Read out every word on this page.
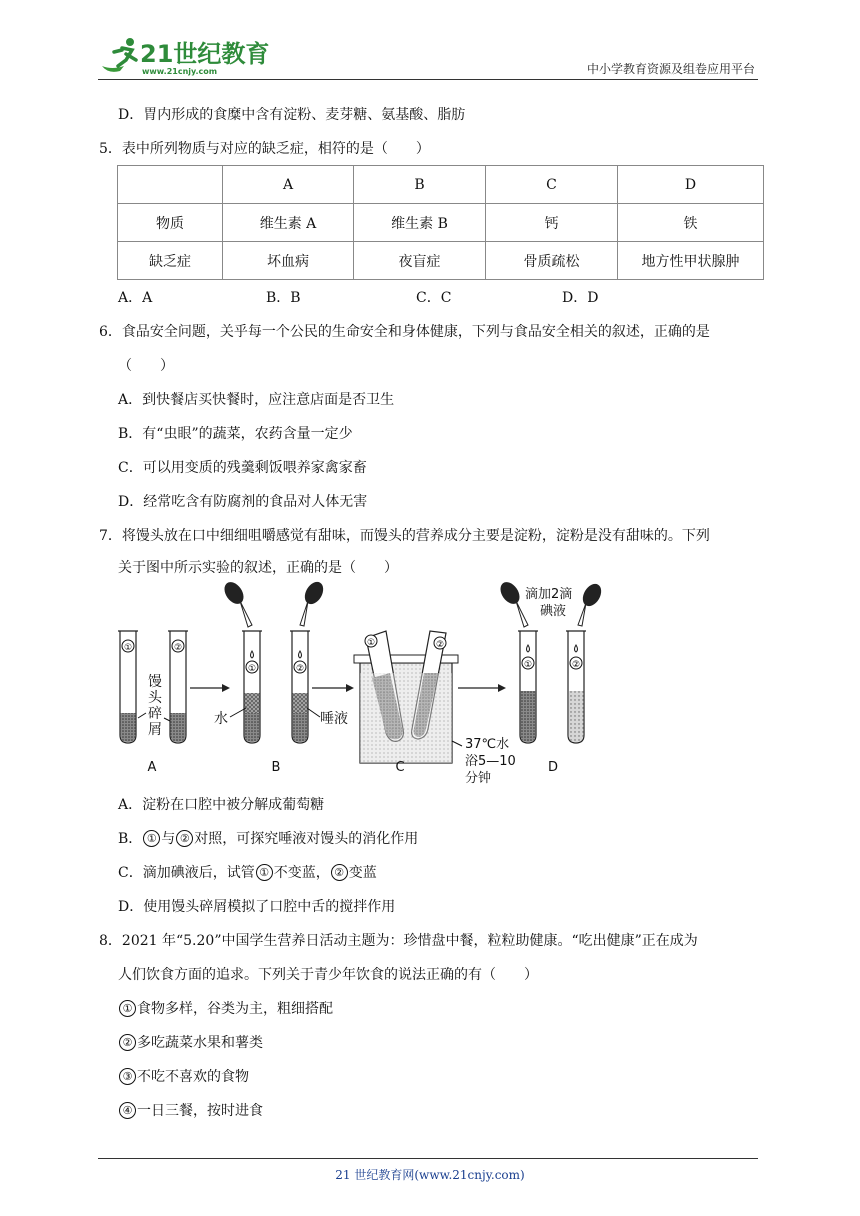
21世纪教育
www.21cnjy.com	中小学教育资源及组卷应用平台
D．胃内形成的食糜中含有淀粉、麦芽糖、氨基酸、脂肪
5．表中所列物质与对应的缺乏症，相符的是（　　）
	A	B	C	D
物质	维生素 A	维生素 B	钙	铁
缺乏症	坏血病	夜盲症	骨质疏松	地方性甲状腺肿
A．A	B．B	C．C	D．D
6．食品安全问题，关乎每一个公民的生命安全和身体健康，下列与食品安全相关的叙述，正确的是
（　　）
A．到快餐店买快餐时，应注意店面是否卫生
B．有“虫眼”的蔬菜，农药含量一定少
C．可以用变质的残羹剩饭喂养家禽家畜
D．经常吃含有防腐剂的食品对人体无害
7．将馒头放在口中细细咀嚼感觉有甜味，而馒头的营养成分主要是淀粉，淀粉是没有甜味的。下列
关于图中所示实验的叙述，正确的是（　　）
①	②
馒
头
碎
屑
①	②
水	唾液
①	②
37℃水
浴5—10
分钟
①	②
滴加2滴
碘液
A	B	C	D
A．淀粉在口腔中被分解成葡萄糖
B． ① 与 ② 对照，可探究唾液对馒头的消化作用
C．滴加碘液后，试管 ① 不变蓝， ② 变蓝
D．使用馒头碎屑模拟了口腔中舌的搅拌作用
8．2021 年“5.20”中国学生营养日活动主题为：珍惜盘中餐，粒粒助健康。“吃出健康”正在成为
人们饮食方面的追求。下列关于青少年饮食的说法正确的有（　　）
① 食物多样，谷类为主，粗细搭配
② 多吃蔬菜水果和薯类
③ 不吃不喜欢的食物
④ 一日三餐，按时进食
21 世纪教育网(www.21cnjy.com)
